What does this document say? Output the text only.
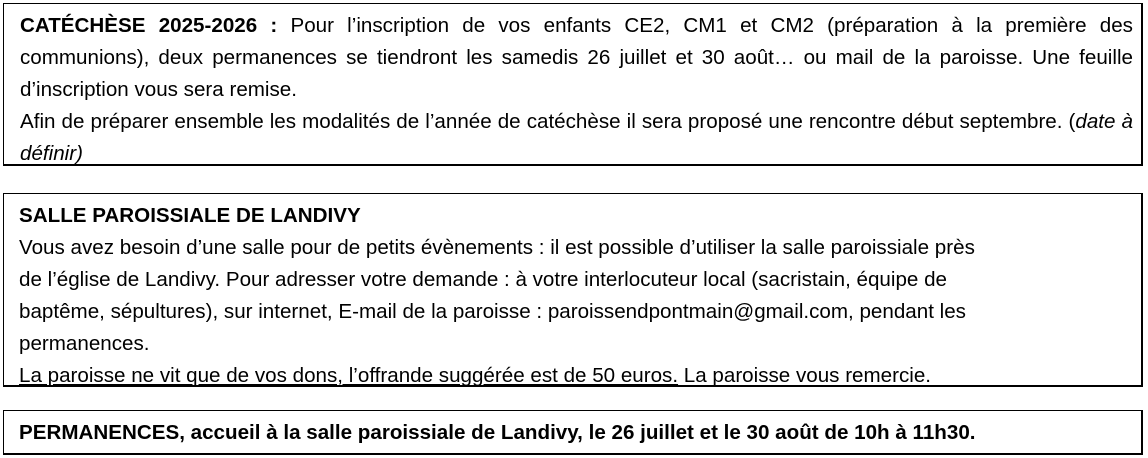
CATÉCHÈSE 2025-2026 : Pour l’inscription de vos enfants CE2, CM1 et CM2 (préparation à la première des communions), deux permanences se tiendront les samedis 26 juillet et 30 août… ou mail de la paroisse. Une feuille d’inscription vous sera remise.

Afin de préparer ensemble les modalités de l’année de catéchèse il sera proposé une rencontre début septembre. (date à définir)

SALLE PAROISSIALE DE LANDIVY
Vous avez besoin d’une salle pour de petits évènements : il est possible d’utiliser la salle paroissiale près
de l’église de Landivy. Pour adresser votre demande : à votre interlocuteur local (sacristain, équipe de
baptême, sépultures), sur internet, E-mail de la paroisse : paroissendpontmain@gmail.com, pendant les
permanences.
La paroisse ne vit que de vos dons, l’offrande suggérée est de 50 euros. La paroisse vous remercie.

PERMANENCES, accueil à la salle paroissiale de Landivy, le 26 juillet et le 30 août de 10h à 11h30.
